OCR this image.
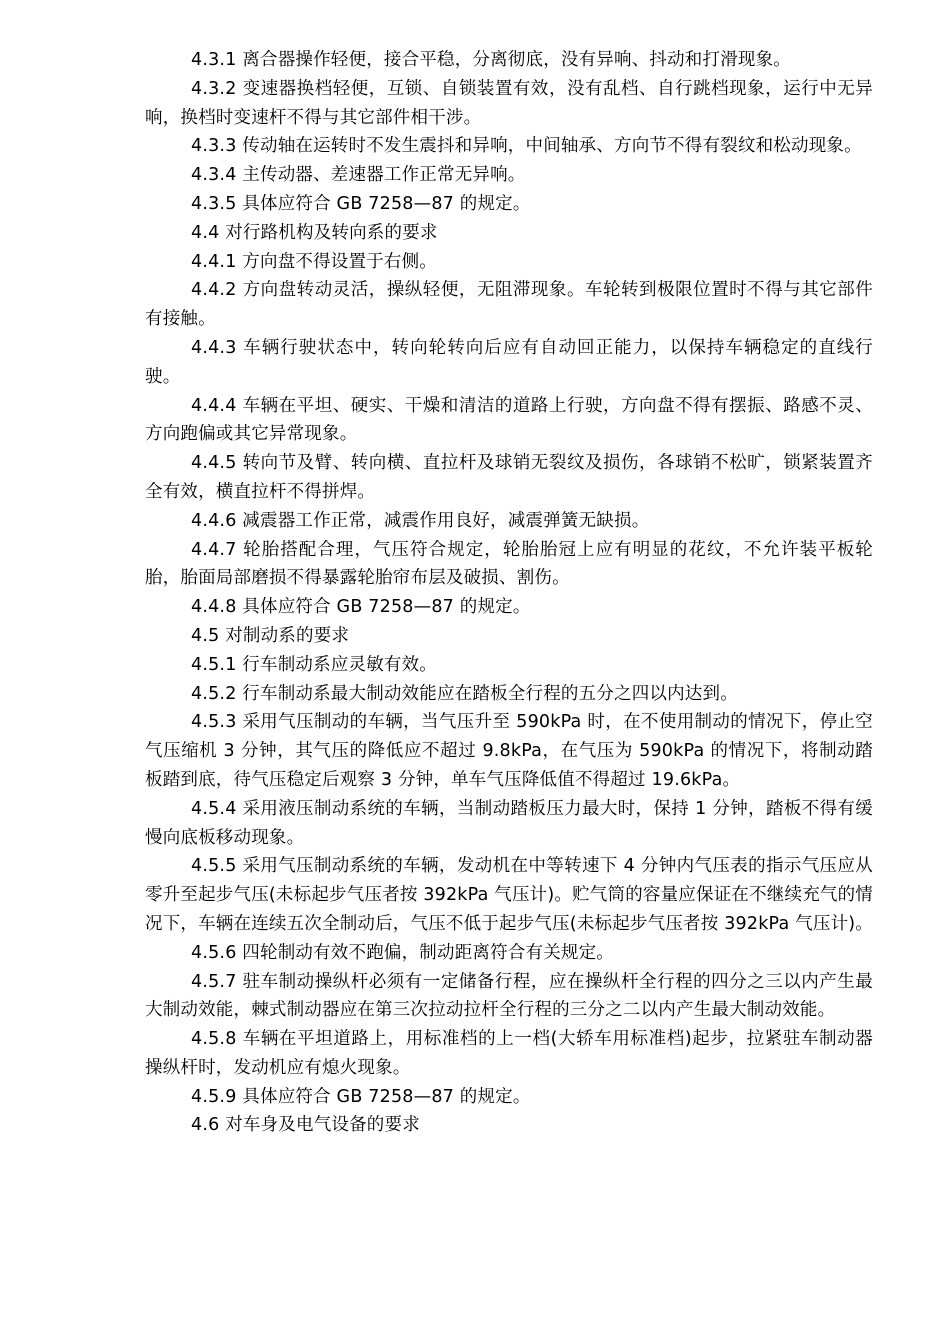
4.3.1 离合器操作轻便，接合平稳，分离彻底，没有异响、抖动和打滑现象。

4.3.2 变速器换档轻便，互锁、自锁装置有效，没有乱档、自行跳档现象，运行中无异响，换档时变速杆不得与其它部件相干涉。

4.3.3 传动轴在运转时不发生震抖和异响，中间轴承、方向节不得有裂纹和松动现象。

4.3.4 主传动器、差速器工作正常无异响。

4.3.5 具体应符合 GB 7258—87 的规定。

4.4 对行路机构及转向系的要求

4.4.1 方向盘不得设置于右侧。

4.4.2 方向盘转动灵活，操纵轻便，无阻滞现象。车轮转到极限位置时不得与其它部件有接触。

4.4.3 车辆行驶状态中，转向轮转向后应有自动回正能力，以保持车辆稳定的直线行驶。

4.4.4 车辆在平坦、硬实、干燥和清洁的道路上行驶，方向盘不得有摆振、路感不灵、方向跑偏或其它异常现象。

4.4.5 转向节及臂、转向横、直拉杆及球销无裂纹及损伤，各球销不松旷，锁紧装置齐全有效，横直拉杆不得拼焊。

4.4.6 减震器工作正常，减震作用良好，减震弹簧无缺损。

4.4.7 轮胎搭配合理，气压符合规定，轮胎胎冠上应有明显的花纹，不允许装平板轮胎，胎面局部磨损不得暴露轮胎帘布层及破损、割伤。

4.4.8 具体应符合 GB 7258—87 的规定。

4.5 对制动系的要求

4.5.1 行车制动系应灵敏有效。

4.5.2 行车制动系最大制动效能应在踏板全行程的五分之四以内达到。

4.5.3 采用气压制动的车辆，当气压升至 590kPa 时，在不使用制动的情况下，停止空气压缩机 3 分钟，其气压的降低应不超过 9.8kPa，在气压为 590kPa 的情况下，将制动踏板踏到底，待气压稳定后观察 3 分钟，单车气压降低值不得超过 19.6kPa。

4.5.4 采用液压制动系统的车辆，当制动踏板压力最大时，保持 1 分钟，踏板不得有缓慢向底板移动现象。

4.5.5 采用气压制动系统的车辆，发动机在中等转速下 4 分钟内气压表的指示气压应从零升至起步气压(未标起步气压者按 392kPa 气压计)。贮气筒的容量应保证在不继续充气的情况下，车辆在连续五次全制动后，气压不低于起步气压(未标起步气压者按 392kPa 气压计)。

4.5.6 四轮制动有效不跑偏，制动距离符合有关规定。

4.5.7 驻车制动操纵杆必须有一定储备行程，应在操纵杆全行程的四分之三以内产生最大制动效能，棘式制动器应在第三次拉动拉杆全行程的三分之二以内产生最大制动效能。

4.5.8 车辆在平坦道路上，用标准档的上一档(大轿车用标准档)起步，拉紧驻车制动器操纵杆时，发动机应有熄火现象。

4.5.9 具体应符合 GB 7258—87 的规定。

4.6 对车身及电气设备的要求
